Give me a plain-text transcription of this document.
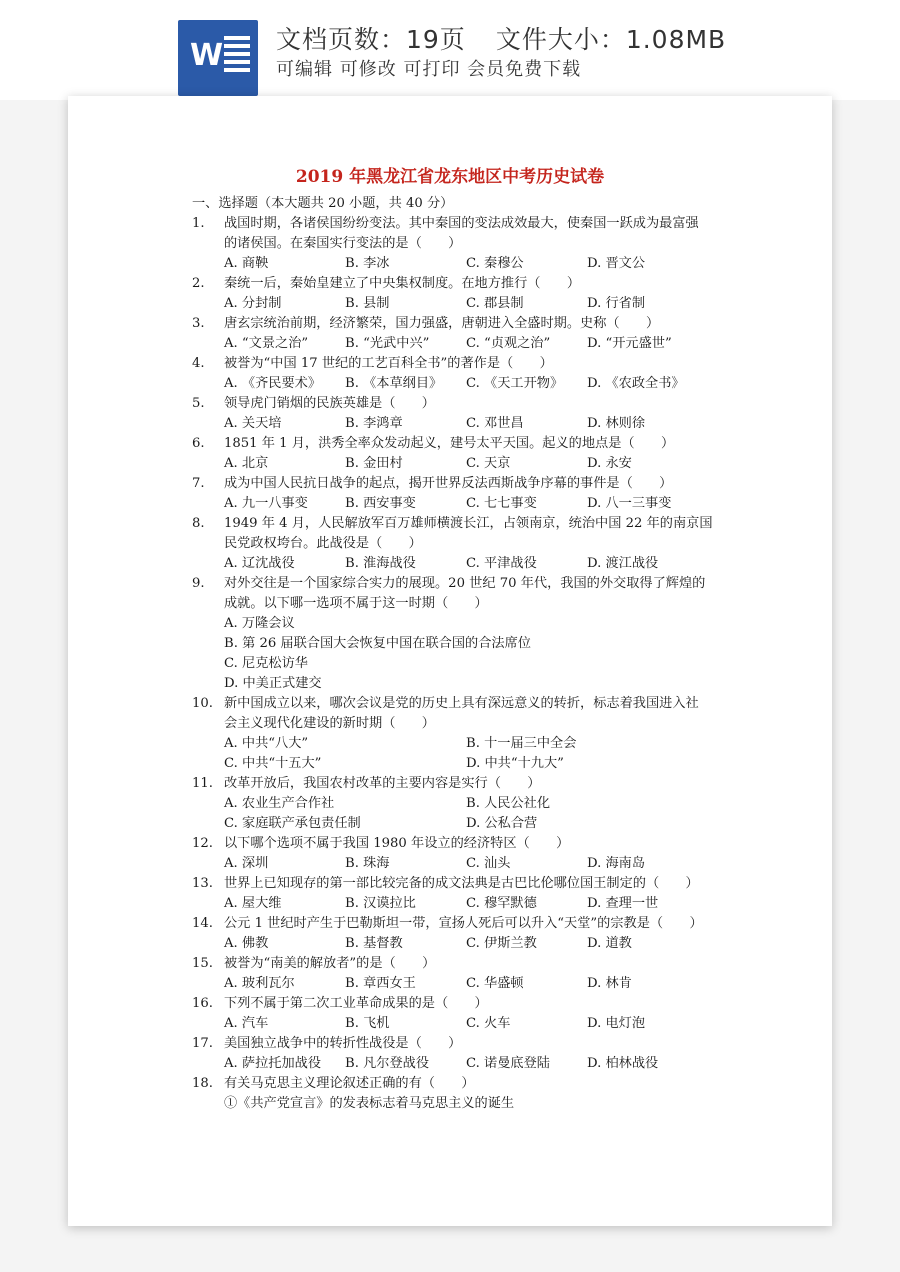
W 文档页数：19页 文件大小：1.08MB
可编辑 可修改 可打印 会员免费下载
2019 年黑龙江省龙东地区中考历史试卷
一、选择题（本大题共 20 小题，共 40 分）
1.	战国时期，各诸侯国纷纷变法。其中秦国的变法成效最大，使秦国一跃成为最富强
的诸侯国。在秦国实行变法的是（　　）
A. 商鞅	B. 李冰	C. 秦穆公	D. 晋文公
2.	秦统一后，秦始皇建立了中央集权制度。在地方推行（　　）
A. 分封制	B. 县制	C. 郡县制	D. 行省制
3.	唐玄宗统治前期，经济繁荣，国力强盛，唐朝进入全盛时期。史称（　　）
A. “文景之治”	B. “光武中兴”	C. “贞观之治”	D. “开元盛世”
4.	被誉为“中国 17 世纪的工艺百科全书”的著作是（　　）
A. 《齐民要术》	B. 《本草纲目》	C. 《天工开物》	D. 《农政全书》
5.	领导虎门销烟的民族英雄是（　　）
A. 关天培	B. 李鸿章	C. 邓世昌	D. 林则徐
6.	1851 年 1 月，洪秀全率众发动起义，建号太平天国。起义的地点是（　　）
A. 北京	B. 金田村	C. 天京	D. 永安
7.	成为中国人民抗日战争的起点，揭开世界反法西斯战争序幕的事件是（　　）
A. 九一八事变	B. 西安事变	C. 七七事变	D. 八一三事变
8.	1949 年 4 月，人民解放军百万雄师横渡长江，占领南京，统治中国 22 年的南京国
民党政权垮台。此战役是（　　）
A. 辽沈战役	B. 淮海战役	C. 平津战役	D. 渡江战役
9.	对外交往是一个国家综合实力的展现。20 世纪 70 年代，我国的外交取得了辉煌的
成就。以下哪一选项不属于这一时期（　　）
A. 万隆会议
B. 第 26 届联合国大会恢复中国在联合国的合法席位
C. 尼克松访华
D. 中美正式建交
10. 新中国成立以来，哪次会议是党的历史上具有深远意义的转折，标志着我国进入社
会主义现代化建设的新时期（　　）
A. 中共“八大”	B. 十一届三中全会
C. 中共“十五大”	D. 中共“十九大”
11. 改革开放后，我国农村改革的主要内容是实行（　　）
A. 农业生产合作社	B. 人民公社化
C. 家庭联产承包责任制	D. 公私合营
12. 以下哪个选项不属于我国 1980 年设立的经济特区（　　）
A. 深圳	B. 珠海	C. 汕头	D. 海南岛
13. 世界上已知现存的第一部比较完备的成文法典是古巴比伦哪位国王制定的（　　）
A. 屋大维	B. 汉谟拉比	C. 穆罕默德	D. 查理一世
14. 公元 1 世纪时产生于巴勒斯坦一带，宣扬人死后可以升入“天堂”的宗教是（　　）
A. 佛教	B. 基督教	C. 伊斯兰教	D. 道教
15. 被誉为“南美的解放者”的是（　　）
A. 玻利瓦尔	B. 章西女王	C. 华盛顿	D. 林肯
16. 下列不属于第二次工业革命成果的是（　　）
A. 汽车	B. 飞机	C. 火车	D. 电灯泡
17. 美国独立战争中的转折性战役是（　　）
A. 萨拉托加战役	B. 凡尔登战役	C. 诺曼底登陆	D. 柏林战役
18. 有关马克思主义理论叙述正确的有（　　）
①《共产党宣言》的发表标志着马克思主义的诞生
